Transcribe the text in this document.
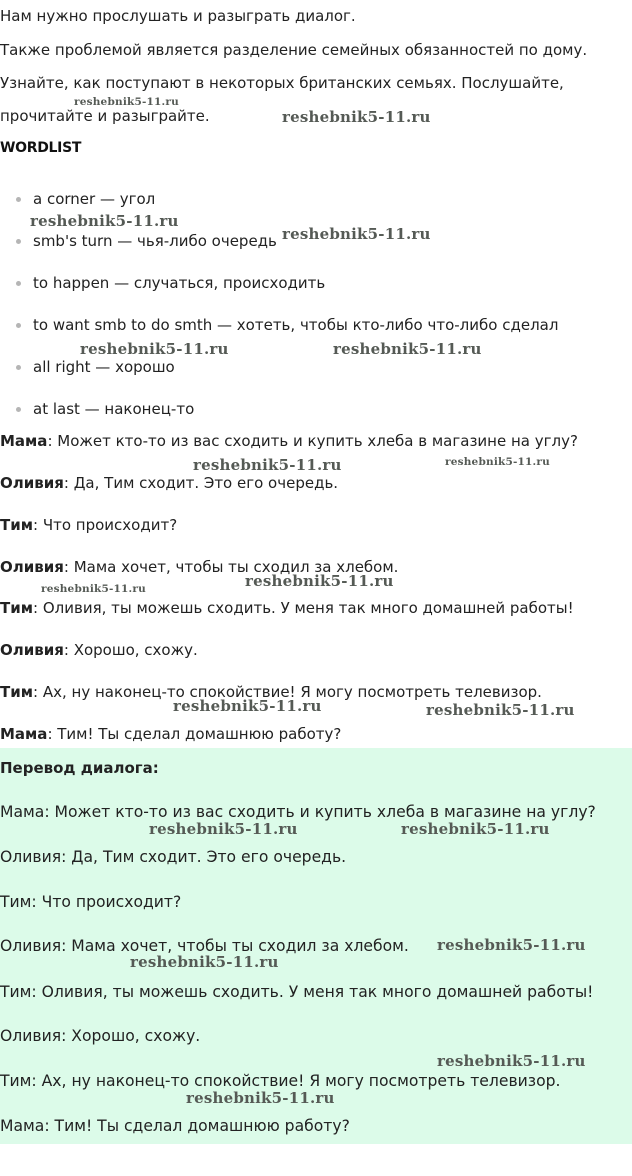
Нам нужно прослушать и разыграть диалог.
Также проблемой является разделение семейных обязанностей по дому.
Узнайте, как поступают в некоторых британских семьях. Послушайте,
прочитайте и разыграйте.
WORDLIST
a corner — угол
smb's turn — чья-либо очередь
to happen — случаться, происходить
to want smb to do smth — хотеть, чтобы кто-либо что-либо сделал
all right — хорошо
at last — наконец-то
Мама: Может кто-то из вас сходить и купить хлеба в магазине на углу?
Оливия: Да, Тим сходит. Это его очередь.
Тим: Что происходит?
Оливия: Мама хочет, чтобы ты сходил за хлебом.
Тим: Оливия, ты можешь сходить. У меня так много домашней работы!
Оливия: Хорошо, схожу.
Тим: Ах, ну наконец-то спокойствие! Я могу посмотреть телевизор.
Мама: Тим! Ты сделал домашнюю работу?
Перевод диалога:
Мама: Может кто-то из вас сходить и купить хлеба в магазине на углу?
Оливия: Да, Тим сходит. Это его очередь.
Тим: Что происходит?
Оливия: Мама хочет, чтобы ты сходил за хлебом.
Тим: Оливия, ты можешь сходить. У меня так много домашней работы!
Оливия: Хорошо, схожу.
Тим: Ах, ну наконец-то спокойствие! Я могу посмотреть телевизор.
Мама: Тим! Ты сделал домашнюю работу?
reshebnik5-11.ru
reshebnik5-11.ru
reshebnik5-11.ru
reshebnik5-11.ru
reshebnik5-11.ru	reshebnik5-11.ru
reshebnik5-11.ru	reshebnik5-11.ru
reshebnik5-11.ru	reshebnik5-11.ru
reshebnik5-11.ru	reshebnik5-11.ru
reshebnik5-11.ru	reshebnik5-11.ru
reshebnik5-11.ru
reshebnik5-11.ru
reshebnik5-11.ru
reshebnik5-11.ru
